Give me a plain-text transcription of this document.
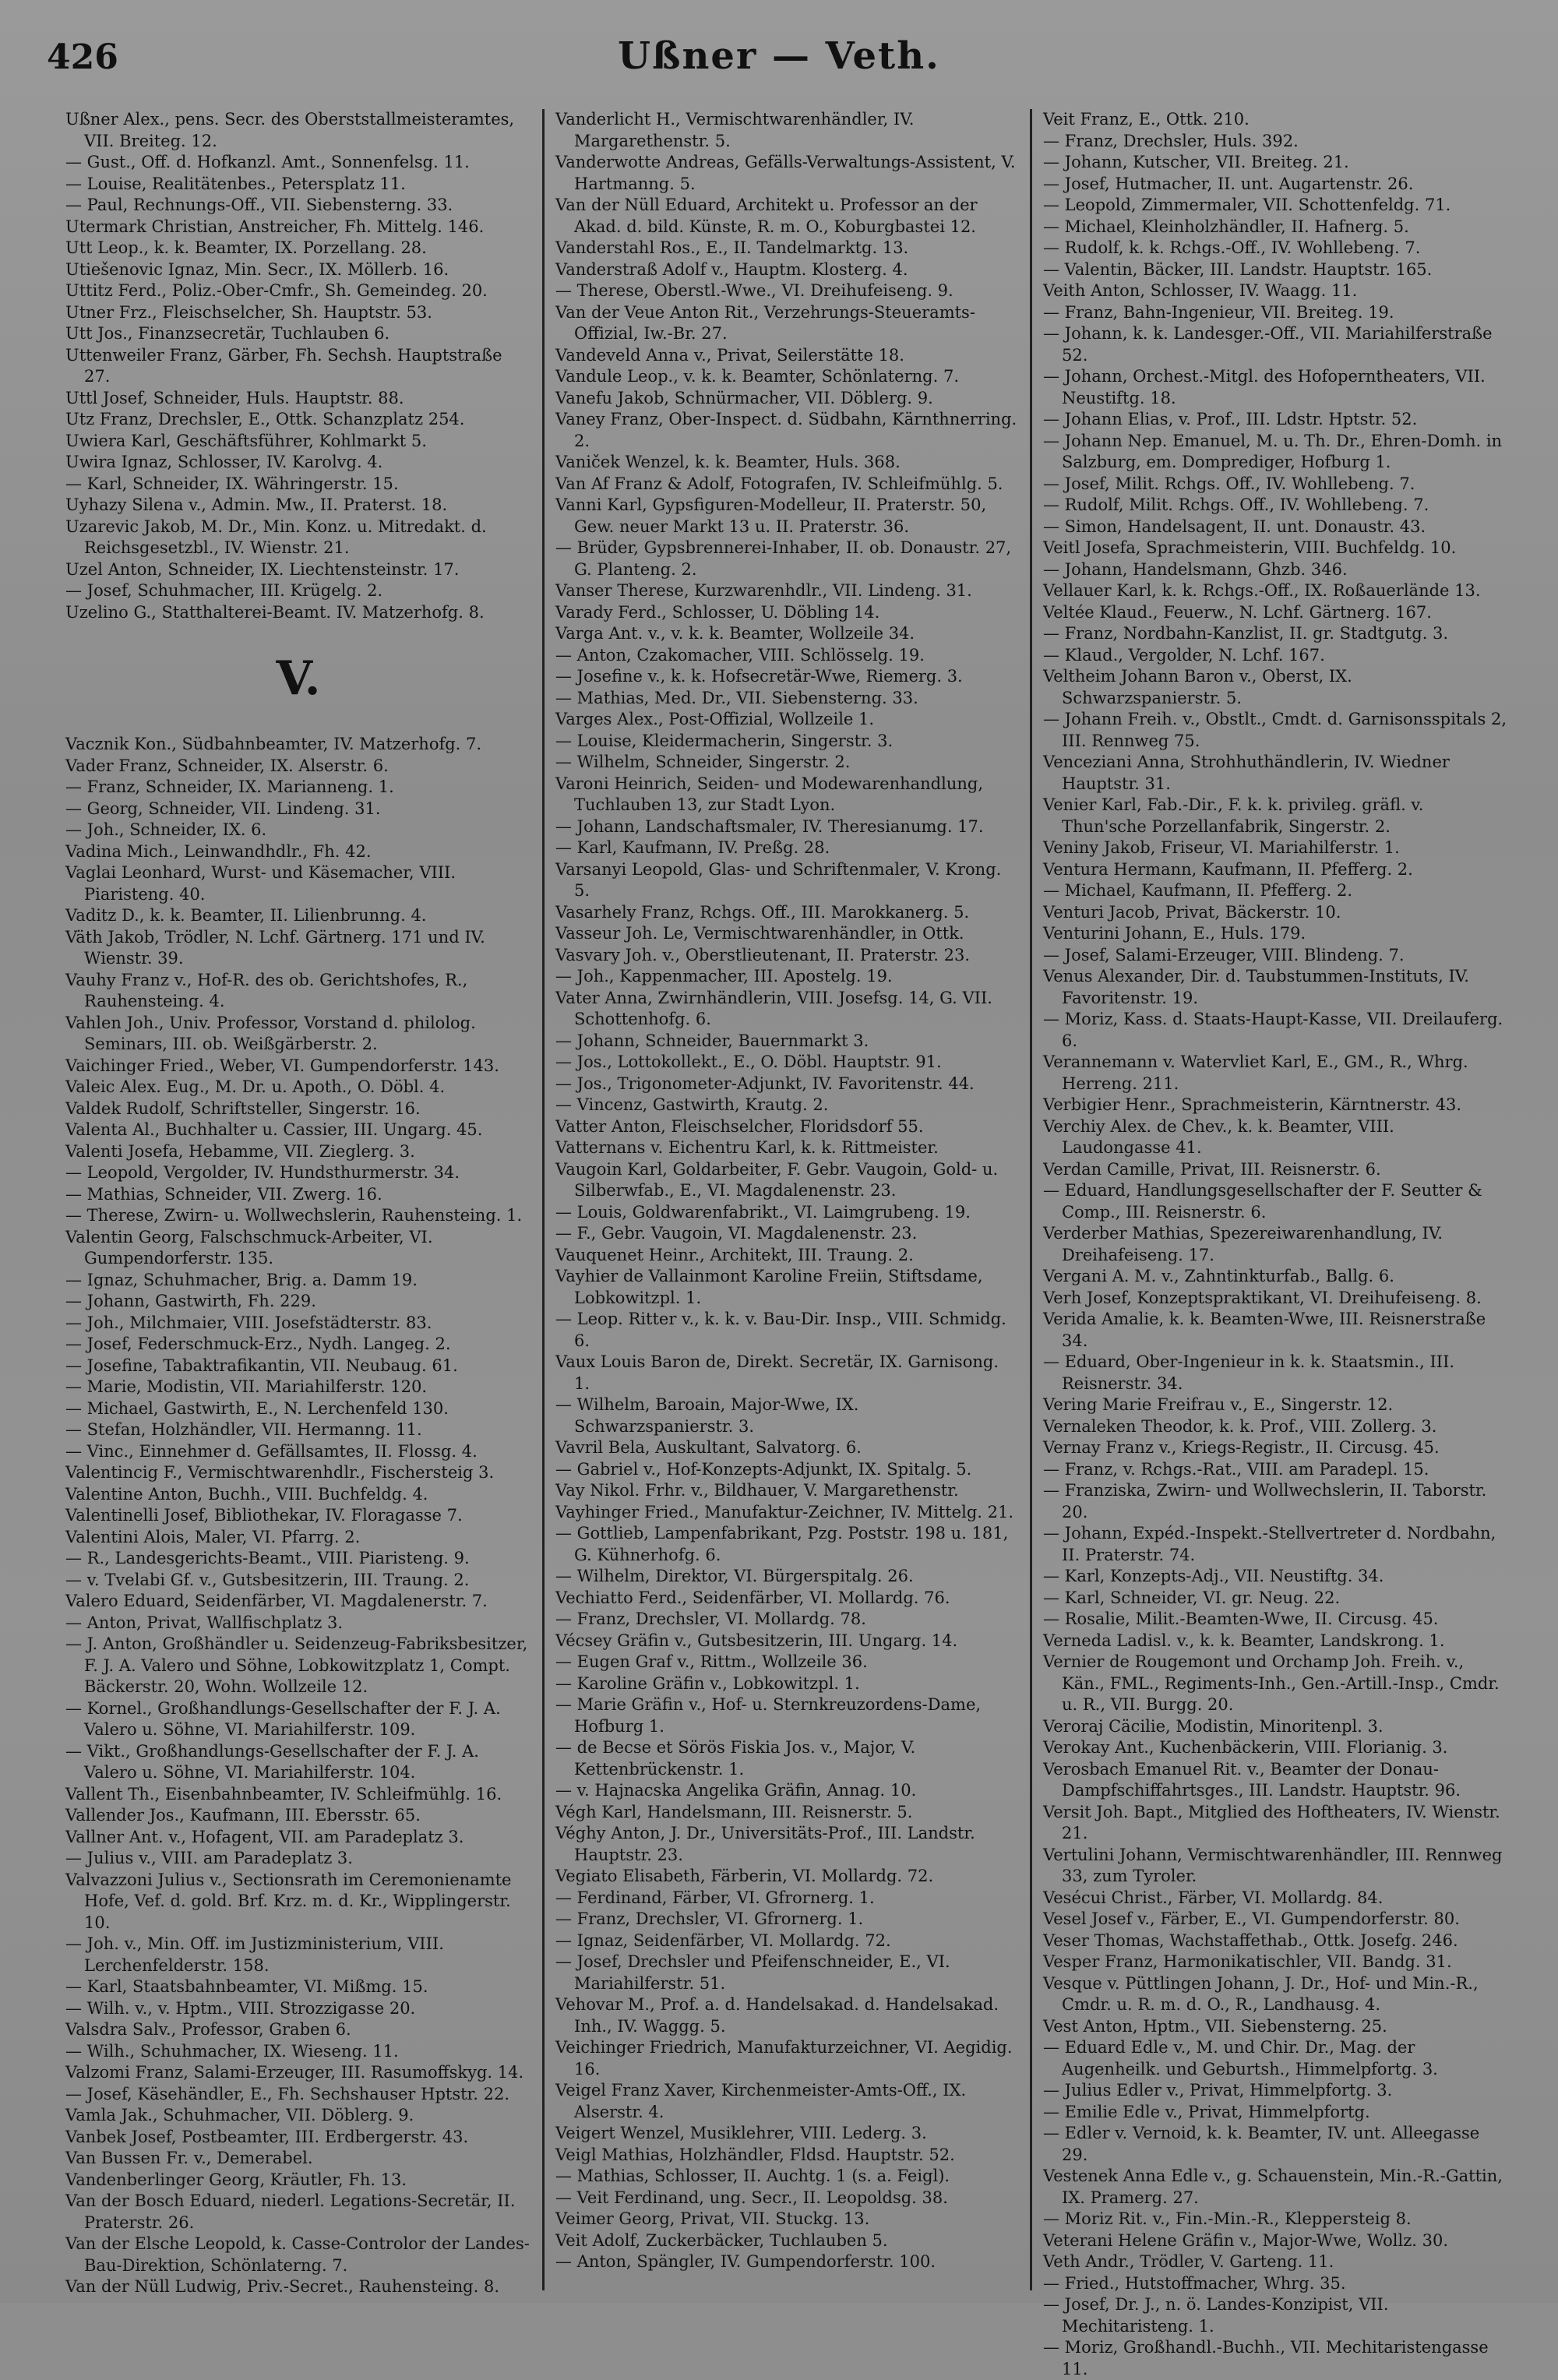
426	Ußner — Veth.
Ußner Alex., pens. Secr. des Oberststallmeisteramtes, VII. Breiteg. 12.
— Gust., Off. d. Hofkanzl. Amt., Sonnenfelsg. 11.
— Louise, Realitätenbes., Petersplatz 11.
— Paul, Rechnungs-Off., VII. Siebensterng. 33.
Utermark Christian, Anstreicher, Fh. Mittelg. 146.
Utt Leop., k. k. Beamter, IX. Porzellang. 28.
Utiešenovic Ignaz, Min. Secr., IX. Möllerb. 16.
Uttitz Ferd., Poliz.-Ober-Cmfr., Sh. Gemeindeg. 20.
Utner Frz., Fleischselcher, Sh. Hauptstr. 53.
Utt Jos., Finanzsecretär, Tuchlauben 6.
Uttenweiler Franz, Gärber, Fh. Sechsh. Hauptstraße 27.
Uttl Josef, Schneider, Huls. Hauptstr. 88.
Utz Franz, Drechsler, E., Ottk. Schanzplatz 254.
Uwiera Karl, Geschäftsführer, Kohlmarkt 5.
Uwira Ignaz, Schlosser, IV. Karolvg. 4.
— Karl, Schneider, IX. Währingerstr. 15.
Uyhazy Silena v., Admin. Mw., II. Praterst. 18.
Uzarevic Jakob, M. Dr., Min. Konz. u. Mitredakt. d. Reichsgesetzbl., IV. Wienstr. 21.
Uzel Anton, Schneider, IX. Liechtensteinstr. 17.
— Josef, Schuhmacher, III. Krügelg. 2.
Uzelino G., Statthalterei-Beamt. IV. Matzerhofg. 8.
V.
Vacznik Kon., Südbahnbeamter, IV. Matzerhofg. 7.
Vader Franz, Schneider, IX. Alserstr. 6.
— Franz, Schneider, IX. Marianneng. 1.
— Georg, Schneider, VII. Lindeng. 31.
— Joh., Schneider, IX. 6.
Vadina Mich., Leinwandhdlr., Fh. 42.
Vaglai Leonhard, Wurst- und Käsemacher, VIII. Piaristeng. 40.
Vaditz D., k. k. Beamter, II. Lilienbrunng. 4.
Väth Jakob, Trödler, N. Lchf. Gärtnerg. 171 und IV. Wienstr. 39.
Vauhy Franz v., Hof-R. des ob. Gerichtshofes, R., Rauhensteing. 4.
Vahlen Joh., Univ. Professor, Vorstand d. philolog. Seminars, III. ob. Weißgärberstr. 2.
Vaichinger Fried., Weber, VI. Gumpendorferstr. 143.
Valeic Alex. Eug., M. Dr. u. Apoth., O. Döbl. 4.
Valdek Rudolf, Schriftsteller, Singerstr. 16.
Valenta Al., Buchhalter u. Cassier, III. Ungarg. 45.
Valenti Josefa, Hebamme, VII. Zieglerg. 3.
— Leopold, Vergolder, IV. Hundsthurmerstr. 34.
— Mathias, Schneider, VII. Zwerg. 16.
— Therese, Zwirn- u. Wollwechslerin, Rauhensteing. 1.
Valentin Georg, Falschschmuck-Arbeiter, VI. Gumpendorferstr. 135.
— Ignaz, Schuhmacher, Brig. a. Damm 19.
— Johann, Gastwirth, Fh. 229.
— Joh., Milchmaier, VIII. Josefstädterstr. 83.
— Josef, Federschmuck-Erz., Nydh. Langeg. 2.
— Josefine, Tabaktrafikantin, VII. Neubaug. 61.
— Marie, Modistin, VII. Mariahilferstr. 120.
— Michael, Gastwirth, E., N. Lerchenfeld 130.
— Stefan, Holzhändler, VII. Hermanng. 11.
— Vinc., Einnehmer d. Gefällsamtes, II. Flossg. 4.
Valentincig F., Vermischtwarenhdlr., Fischersteig 3.
Valentine Anton, Buchh., VIII. Buchfeldg. 4.
Valentinelli Josef, Bibliothekar, IV. Floragasse 7.
Valentini Alois, Maler, VI. Pfarrg. 2.
— R., Landesgerichts-Beamt., VIII. Piaristeng. 9.
— v. Tvelabi Gf. v., Gutsbesitzerin, III. Traung. 2.
Valero Eduard, Seidenfärber, VI. Magdalenerstr. 7.
— Anton, Privat, Wallfischplatz 3.
— J. Anton, Großhändler u. Seidenzeug-Fabriksbesitzer, F. J. A. Valero und Söhne, Lobkowitzplatz 1, Compt. Bäckerstr. 20, Wohn. Wollzeile 12.
— Kornel., Großhandlungs-Gesellschafter der F. J. A. Valero u. Söhne, VI. Mariahilferstr. 109.
— Vikt., Großhandlungs-Gesellschafter der F. J. A. Valero u. Söhne, VI. Mariahilferstr. 104.
Vallent Th., Eisenbahnbeamter, IV. Schleifmühlg. 16.
Vallender Jos., Kaufmann, III. Ebersstr. 65.
Vallner Ant. v., Hofagent, VII. am Paradeplatz 3.
— Julius v., VIII. am Paradeplatz 3.
Valvazzoni Julius v., Sectionsrath im Ceremonienamte Hofe, Vef. d. gold. Brf. Krz. m. d. Kr., Wipplingerstr. 10.
— Joh. v., Min. Off. im Justizministerium, VIII. Lerchenfelderstr. 158.
— Karl, Staatsbahnbeamter, VI. Mißmg. 15.
— Wilh. v., v. Hptm., VIII. Strozzigasse 20.
Valsdra Salv., Professor, Graben 6.
— Wilh., Schuhmacher, IX. Wieseng. 11.
Valzomi Franz, Salami-Erzeuger, III. Rasumoffskyg. 14.
— Josef, Käsehändler, E., Fh. Sechshauser Hptstr. 22.
Vamla Jak., Schuhmacher, VII. Döblerg. 9.
Vanbek Josef, Postbeamter, III. Erdbergerstr. 43.
Van Bussen Fr. v., Demerabel.
Vandenberlinger Georg, Kräutler, Fh. 13.
Van der Bosch Eduard, niederl. Legations-Secretär, II. Praterstr. 26.
Van der Elsche Leopold, k. Casse-Controlor der Landes-Bau-Direktion, Schönlaterng. 7.
Van der Nüll Ludwig, Priv.-Secret., Rauhensteing. 8.
Vanderlicht H., Vermischtwarenhändler, IV. Margarethenstr. 5.
Vanderwotte Andreas, Gefälls-Verwaltungs-Assistent, V. Hartmanng. 5.
Van der Nüll Eduard, Architekt u. Professor an der Akad. d. bild. Künste, R. m. O., Koburgbastei 12.
Vanderstahl Ros., E., II. Tandelmarktg. 13.
Vanderstraß Adolf v., Hauptm. Klosterg. 4.
— Therese, Oberstl.-Wwe., VI. Dreihufeiseng. 9.
Van der Veue Anton Rit., Verzehrungs-Steueramts-Offizial, Iw.-Br. 27.
Vandeveld Anna v., Privat, Seilerstätte 18.
Vandule Leop., v. k. k. Beamter, Schönlaterng. 7.
Vanefu Jakob, Schnürmacher, VII. Döblerg. 9.
Vaney Franz, Ober-Inspect. d. Südbahn, Kärnthnerring. 2.
Vaniček Wenzel, k. k. Beamter, Huls. 368.
Van Af Franz & Adolf, Fotografen, IV. Schleifmühlg. 5.
Vanni Karl, Gypsfiguren-Modelleur, II. Praterstr. 50, Gew. neuer Markt 13 u. II. Praterstr. 36.
— Brüder, Gypsbrennerei-Inhaber, II. ob. Donaustr. 27, G. Planteng. 2.
Vanser Therese, Kurzwarenhdlr., VII. Lindeng. 31.
Varady Ferd., Schlosser, U. Döbling 14.
Varga Ant. v., v. k. k. Beamter, Wollzeile 34.
— Anton, Czakomacher, VIII. Schlösselg. 19.
— Josefine v., k. k. Hofsecretär-Wwe, Riemerg. 3.
— Mathias, Med. Dr., VII. Siebensterng. 33.
Varges Alex., Post-Offizial, Wollzeile 1.
— Louise, Kleidermacherin, Singerstr. 3.
— Wilhelm, Schneider, Singerstr. 2.
Varoni Heinrich, Seiden- und Modewarenhandlung, Tuchlauben 13, zur Stadt Lyon.
— Johann, Landschaftsmaler, IV. Theresianumg. 17.
— Karl, Kaufmann, IV. Preßg. 28.
Varsanyi Leopold, Glas- und Schriftenmaler, V. Krong. 5.
Vasarhely Franz, Rchgs. Off., III. Marokkanerg. 5.
Vasseur Joh. Le, Vermischtwarenhändler, in Ottk.
Vasvary Joh. v., Oberstlieutenant, II. Praterstr. 23.
— Joh., Kappenmacher, III. Apostelg. 19.
Vater Anna, Zwirnhändlerin, VIII. Josefsg. 14, G. VII. Schottenhofg. 6.
— Johann, Schneider, Bauernmarkt 3.
— Jos., Lottokollekt., E., O. Döbl. Hauptstr. 91.
— Jos., Trigonometer-Adjunkt, IV. Favoritenstr. 44.
— Vincenz, Gastwirth, Krautg. 2.
Vatter Anton, Fleischselcher, Floridsdorf 55.
Vatternans v. Eichentru Karl, k. k. Rittmeister.
Vaugoin Karl, Goldarbeiter, F. Gebr. Vaugoin, Gold- u. Silberwfab., E., VI. Magdalenenstr. 23.
— Louis, Goldwarenfabrikt., VI. Laimgrubeng. 19.
— F., Gebr. Vaugoin, VI. Magdalenenstr. 23.
Vauquenet Heinr., Architekt, III. Traung. 2.
Vayhier de Vallainmont Karoline Freiin, Stiftsdame, Lobkowitzpl. 1.
— Leop. Ritter v., k. k. v. Bau-Dir. Insp., VIII. Schmidg. 6.
Vaux Louis Baron de, Direkt. Secretär, IX. Garnisong. 1.
— Wilhelm, Baroain, Major-Wwe, IX. Schwarzspanierstr. 3.
Vavril Bela, Auskultant, Salvatorg. 6.
— Gabriel v., Hof-Konzepts-Adjunkt, IX. Spitalg. 5.
Vay Nikol. Frhr. v., Bildhauer, V. Margarethenstr.
Vayhinger Fried., Manufaktur-Zeichner, IV. Mittelg. 21.
— Gottlieb, Lampenfabrikant, Pzg. Poststr. 198 u. 181, G. Kühnerhofg. 6.
— Wilhelm, Direktor, VI. Bürgerspitalg. 26.
Vechiatto Ferd., Seidenfärber, VI. Mollardg. 76.
— Franz, Drechsler, VI. Mollardg. 78.
Vécsey Gräfin v., Gutsbesitzerin, III. Ungarg. 14.
— Eugen Graf v., Rittm., Wollzeile 36.
— Karoline Gräfin v., Lobkowitzpl. 1.
— Marie Gräfin v., Hof- u. Sternkreuzordens-Dame, Hofburg 1.
— de Becse et Sörös Fiskia Jos. v., Major, V. Kettenbrückenstr. 1.
— v. Hajnacska Angelika Gräfin, Annag. 10.
Végh Karl, Handelsmann, III. Reisnerstr. 5.
Véghy Anton, J. Dr., Universitäts-Prof., III. Landstr. Hauptstr. 23.
Vegiato Elisabeth, Färberin, VI. Mollardg. 72.
— Ferdinand, Färber, VI. Gfrornerg. 1.
— Franz, Drechsler, VI. Gfrornerg. 1.
— Ignaz, Seidenfärber, VI. Mollardg. 72.
— Josef, Drechsler und Pfeifenschneider, E., VI. Mariahilferstr. 51.
Vehovar M., Prof. a. d. Handelsakad. d. Handelsakad. Inh., IV. Waggg. 5.
Veichinger Friedrich, Manufakturzeichner, VI. Aegidig. 16.
Veigel Franz Xaver, Kirchenmeister-Amts-Off., IX. Alserstr. 4.
Veigert Wenzel, Musiklehrer, VIII. Lederg. 3.
Veigl Mathias, Holzhändler, Fldsd. Hauptstr. 52.
— Mathias, Schlosser, II. Auchtg. 1 (s. a. Feigl).
— Veit Ferdinand, ung. Secr., II. Leopoldsg. 38.
Veimer Georg, Privat, VII. Stuckg. 13.
Veit Adolf, Zuckerbäcker, Tuchlauben 5.
— Anton, Spängler, IV. Gumpendorferstr. 100.
Veit Franz, E., Ottk. 210.
— Franz, Drechsler, Huls. 392.
— Johann, Kutscher, VII. Breiteg. 21.
— Josef, Hutmacher, II. unt. Augartenstr. 26.
— Leopold, Zimmermaler, VII. Schottenfeldg. 71.
— Michael, Kleinholzhändler, II. Hafnerg. 5.
— Rudolf, k. k. Rchgs.-Off., IV. Wohllebeng. 7.
— Valentin, Bäcker, III. Landstr. Hauptstr. 165.
Veith Anton, Schlosser, IV. Waagg. 11.
— Franz, Bahn-Ingenieur, VII. Breiteg. 19.
— Johann, k. k. Landesger.-Off., VII. Mariahilferstraße 52.
— Johann, Orchest.-Mitgl. des Hofoperntheaters, VII. Neustiftg. 18.
— Johann Elias, v. Prof., III. Ldstr. Hptstr. 52.
— Johann Nep. Emanuel, M. u. Th. Dr., Ehren-Domh. in Salzburg, em. Domprediger, Hofburg 1.
— Josef, Milit. Rchgs. Off., IV. Wohllebeng. 7.
— Rudolf, Milit. Rchgs. Off., IV. Wohllebeng. 7.
— Simon, Handelsagent, II. unt. Donaustr. 43.
Veitl Josefa, Sprachmeisterin, VIII. Buchfeldg. 10.
— Johann, Handelsmann, Ghzb. 346.
Vellauer Karl, k. k. Rchgs.-Off., IX. Roßauerlände 13.
Veltée Klaud., Feuerw., N. Lchf. Gärtnerg. 167.
— Franz, Nordbahn-Kanzlist, II. gr. Stadtgutg. 3.
— Klaud., Vergolder, N. Lchf. 167.
Veltheim Johann Baron v., Oberst, IX. Schwarzspanierstr. 5.
— Johann Freih. v., Obstlt., Cmdt. d. Garnisonsspitals 2, III. Rennweg 75.
Venceziani Anna, Strohhuthändlerin, IV. Wiedner Hauptstr. 31.
Venier Karl, Fab.-Dir., F. k. k. privileg. gräfl. v. Thun'sche Porzellanfabrik, Singerstr. 2.
Veniny Jakob, Friseur, VI. Mariahilferstr. 1.
Ventura Hermann, Kaufmann, II. Pfefferg. 2.
— Michael, Kaufmann, II. Pfefferg. 2.
Venturi Jacob, Privat, Bäckerstr. 10.
Venturini Johann, E., Huls. 179.
— Josef, Salami-Erzeuger, VIII. Blindeng. 7.
Venus Alexander, Dir. d. Taubstummen-Instituts, IV. Favoritenstr. 19.
— Moriz, Kass. d. Staats-Haupt-Kasse, VII. Dreilauferg. 6.
Verannemann v. Watervliet Karl, E., GM., R., Whrg. Herreng. 211.
Verbigier Henr., Sprachmeisterin, Kärntnerstr. 43.
Verchiy Alex. de Chev., k. k. Beamter, VIII. Laudongasse 41.
Verdan Camille, Privat, III. Reisnerstr. 6.
— Eduard, Handlungsgesellschafter der F. Seutter & Comp., III. Reisnerstr. 6.
Verderber Mathias, Spezereiwarenhandlung, IV. Dreihafeiseng. 17.
Vergani A. M. v., Zahntinkturfab., Ballg. 6.
Verh Josef, Konzeptspraktikant, VI. Dreihufeiseng. 8.
Verida Amalie, k. k. Beamten-Wwe, III. Reisnerstraße 34.
— Eduard, Ober-Ingenieur in k. k. Staatsmin., III. Reisnerstr. 34.
Vering Marie Freifrau v., E., Singerstr. 12.
Vernaleken Theodor, k. k. Prof., VIII. Zollerg. 3.
Vernay Franz v., Kriegs-Registr., II. Circusg. 45.
— Franz, v. Rchgs.-Rat., VIII. am Paradepl. 15.
— Franziska, Zwirn- und Wollwechslerin, II. Taborstr. 20.
— Johann, Expéd.-Inspekt.-Stellvertreter d. Nordbahn, II. Praterstr. 74.
— Karl, Konzepts-Adj., VII. Neustiftg. 34.
— Karl, Schneider, VI. gr. Neug. 22.
— Rosalie, Milit.-Beamten-Wwe, II. Circusg. 45.
Verneda Ladisl. v., k. k. Beamter, Landskrong. 1.
Vernier de Rougemont und Orchamp Joh. Freih. v., Kän., FML., Regiments-Inh., Gen.-Artill.-Insp., Cmdr. u. R., VII. Burgg. 20.
Veroraj Cäcilie, Modistin, Minoritenpl. 3.
Verokay Ant., Kuchenbäckerin, VIII. Florianig. 3.
Verosbach Emanuel Rit. v., Beamter der Donau-Dampfschiffahrtsges., III. Landstr. Hauptstr. 96.
Versit Joh. Bapt., Mitglied des Hoftheaters, IV. Wienstr. 21.
Vertulini Johann, Vermischtwarenhändler, III. Rennweg 33, zum Tyroler.
Vesécui Christ., Färber, VI. Mollardg. 84.
Vesel Josef v., Färber, E., VI. Gumpendorferstr. 80.
Veser Thomas, Wachstaffethab., Ottk. Josefg. 246.
Vesper Franz, Harmonikatischler, VII. Bandg. 31.
Vesque v. Püttlingen Johann, J. Dr., Hof- und Min.-R., Cmdr. u. R. m. d. O., R., Landhausg. 4.
Vest Anton, Hptm., VII. Siebensterng. 25.
— Eduard Edle v., M. und Chir. Dr., Mag. der Augenheilk. und Geburtsh., Himmelpfortg. 3.
— Julius Edler v., Privat, Himmelpfortg. 3.
— Emilie Edle v., Privat, Himmelpfortg.
— Edler v. Vernoid, k. k. Beamter, IV. unt. Alleegasse 29.
Vestenek Anna Edle v., g. Schauenstein, Min.-R.-Gattin, IX. Pramerg. 27.
— Moriz Rit. v., Fin.-Min.-R., Kleppersteig 8.
Veterani Helene Gräfin v., Major-Wwe, Wollz. 30.
Veth Andr., Trödler, V. Garteng. 11.
— Fried., Hutstoffmacher, Whrg. 35.
— Josef, Dr. J., n. ö. Landes-Konzipist, VII. Mechitaristeng. 1.
— Moriz, Großhandl.-Buchh., VII. Mechitaristengasse 11.
